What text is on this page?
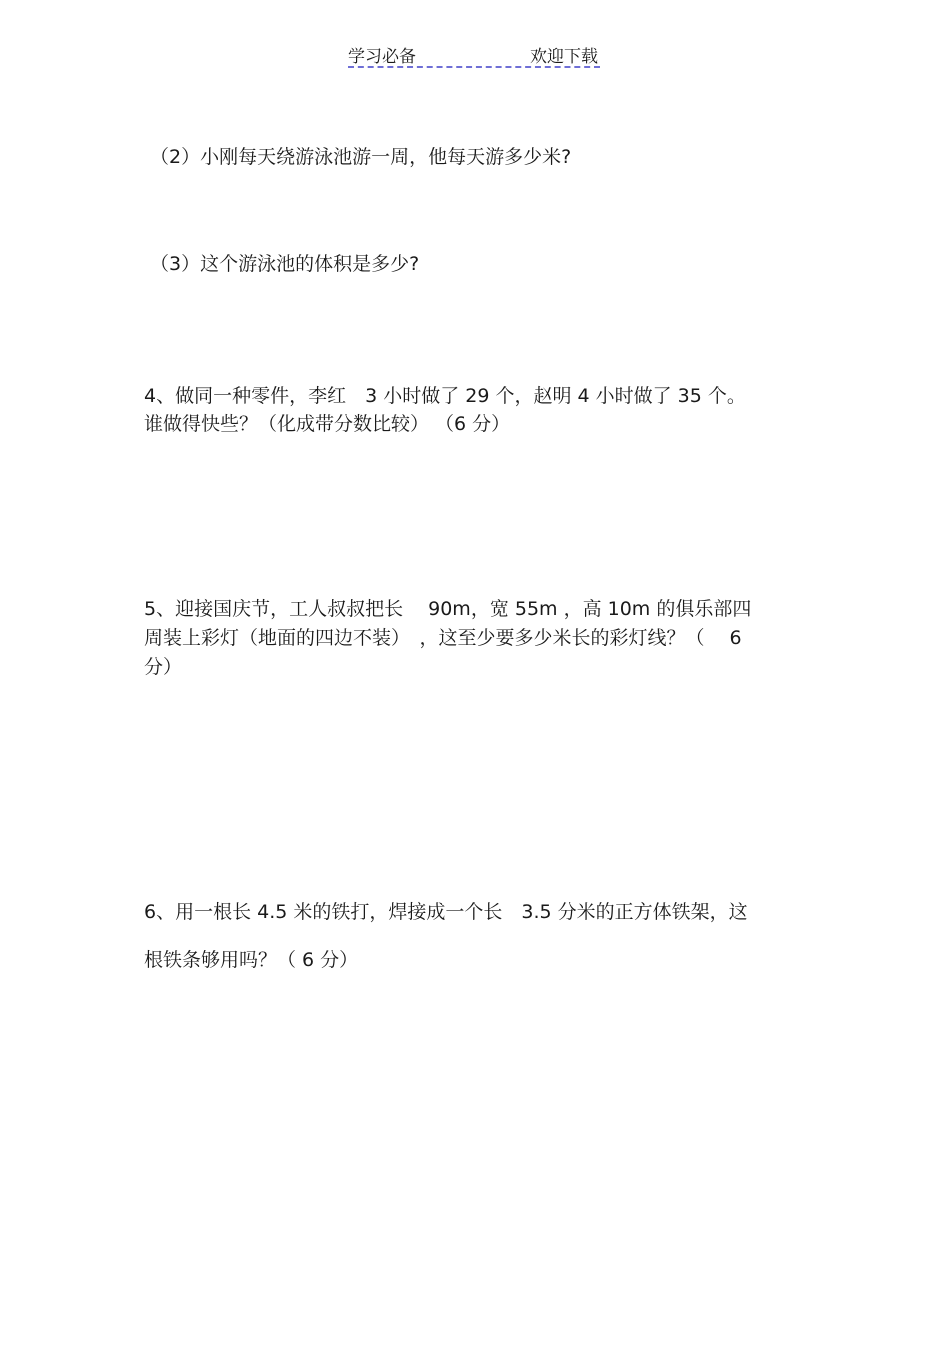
学习必备	欢迎下载
（2）小刚每天绕游泳池游一周，他每天游多少米?
（3）这个游泳池的体积是多少?
4、做同一种零件，李红　3 小时做了 29 个，赵明 4 小时做了 35 个。
谁做得快些？（化成带分数比较） （6 分）
5、迎接国庆节，工人叔叔把长　 90m，宽 55m ，高 10m 的俱乐部四
周装上彩灯（地面的四边不装）　，这至少要多少米长的彩灯线？（　 6
分）
6、用一根长 4.5 米的铁打，焊接成一个长　3.5 分米的正方体铁架，这
根铁条够用吗？（ 6 分）
